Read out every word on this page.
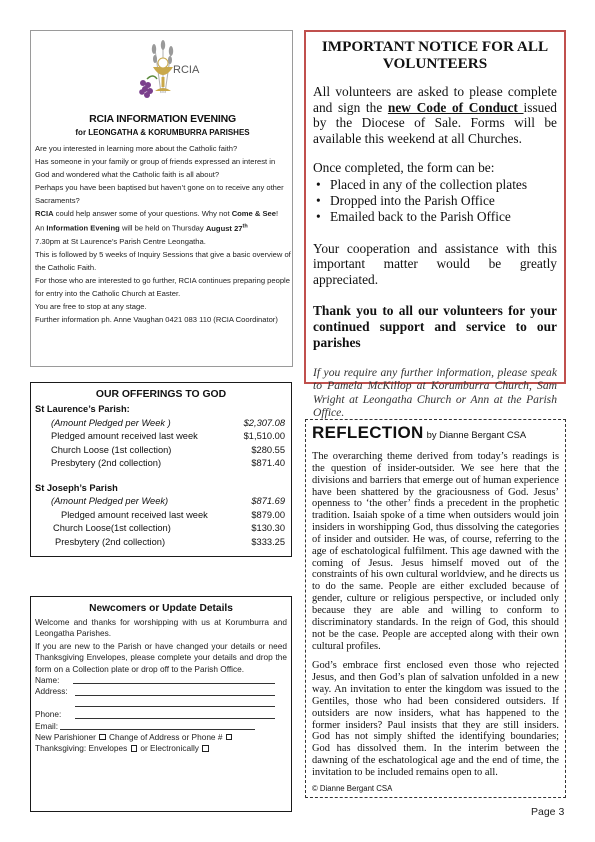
RCIA
RCIA INFORMATION EVENING
for LEONGATHA & KORUMBURRA PARISHES

Are you interested in learning more about the Catholic faith?

Has someone in your family or group of friends expressed an interest in God and wondered what the Catholic faith is all about?

Perhaps you have been baptised but haven’t gone on to receive any other Sacraments?

RCIA could help answer some of your questions. Why not Come & See!

An Information Evening will be held on Thursday August 27th

7.30pm at St Laurence’s Parish Centre Leongatha.

This is followed by 5 weeks of Inquiry Sessions that give a basic overview of the Catholic Faith.

For those who are interested to go further, RCIA continues preparing people for entry into the Catholic Church at Easter.

You are free to stop at any stage.

Further information ph. Anne Vaughan 0421 083 110 (RCIA Coordinator)

IMPORTANT NOTICE FOR ALL VOLUNTEERS

All volunteers are asked to please complete and sign the new Code of Conduct issued by the Diocese of Sale. Forms will be available this weekend at all Churches.

Once completed, the form can be:

• Placed in any of the collection plates
• Dropped into the Parish Office
• Emailed back to the Parish Office

Your cooperation and assistance with this important matter would be greatly appreciated.

Thank you to all our volunteers for your continued support and service to our parishes

If you require any further information, please speak to Pamela McKillop at Korumburra Church, Sam Wright at Leongatha Church or Ann at the Parish Office.

OUR OFFERINGS TO GOD
St Laurence’s Parish:
(Amount Pledged per Week )	$2,307.08
Pledged amount received last week	$1,510.00
Church Loose (1st collection)	$280.55
Presbytery (2nd collection)	$871.40
St Joseph’s Parish
(Amount Pledged per Week)	$871.69
Pledged amount received last week	$879.00
Church Loose(1st collection)	$130.30
Presbytery (2nd collection)	$333.25
Newcomers or Update Details

Welcome and thanks for worshipping with us at Korumburra and Leongatha Parishes.

If you are new to the Parish or have changed your details or need Thanksgiving Envelopes, please complete your details and drop the form on a Collection plate or drop off to the Parish Office.

Name:
Address:
Phone:
Email:
New Parishioner Change of Address or Phone #
Thanksgiving: Envelopes or Electronically
REFLECTION by Dianne Bergant CSA

The overarching theme derived from today’s readings is the question of insider-outsider. We see here that the divisions and barriers that emerge out of human experience have been shattered by the graciousness of God. Jesus’ openness to ‘the other’ finds a precedent in the prophetic tradition. Isaiah spoke of a time when outsiders would join insiders in worshipping God, thus dissolving the categories of insider and outsider. He was, of course, referring to the age of eschatological fulfilment. This age dawned with the coming of Jesus. Jesus himself moved out of the constraints of his own cultural worldview, and he directs us to do the same. People are either excluded because of gender, culture or religious perspective, or included only because they are able and willing to conform to discriminatory standards. In the reign of God, this should not be the case. People are accepted along with their own cultural profiles.

God’s embrace first enclosed even those who rejected Jesus, and then God’s plan of salvation unfolded in a new way. An invitation to enter the kingdom was issued to the Gentiles, those who had been considered outsiders. If outsiders are now insiders, what has happened to the former insiders? Paul insists that they are still insiders. God has not simply shifted the identifying boundaries; God has dissolved them. In the interim between the dawning of the eschatological age and the end of time, the invitation to be included remains open to all.

© Dianne Bergant CSA

Page 3
